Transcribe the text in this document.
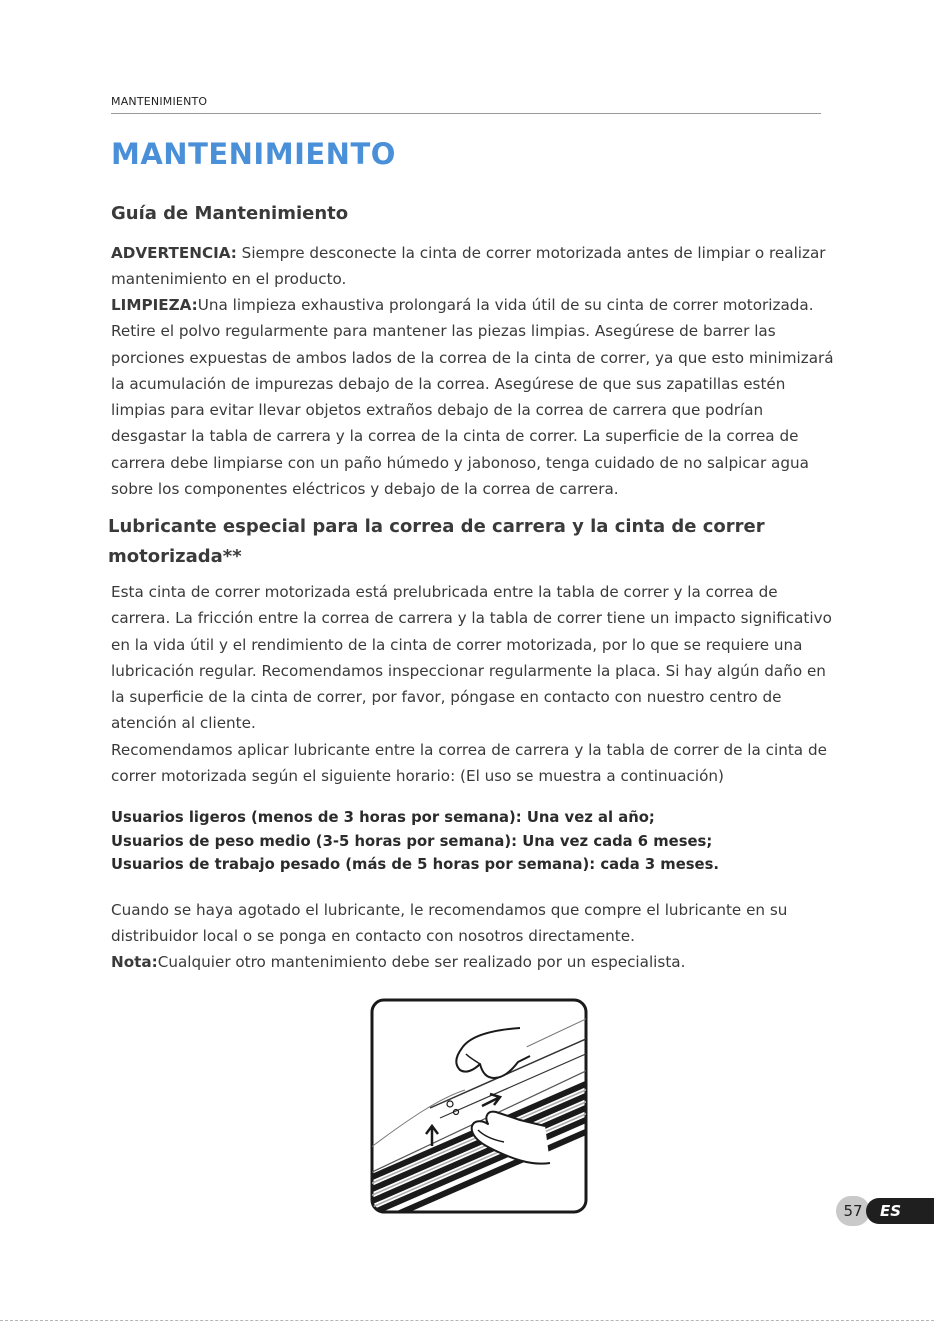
MANTENIMIENTO
MANTENIMIENTO
Guía de Mantenimiento

ADVERTENCIA: Siempre desconecte la cinta de correr motorizada antes de limpiar o realizar mantenimiento en el producto.

LIMPIEZA:Una limpieza exhaustiva prolongará la vida útil de su cinta de correr motorizada. Retire el polvo regularmente para mantener las piezas limpias. Asegúrese de barrer las porciones expuestas de ambos lados de la correa de la cinta de correr, ya que esto minimizará la acumulación de impurezas debajo de la correa. Asegúrese de que sus zapatillas estén limpias para evitar llevar objetos extraños debajo de la correa de carrera que podrían desgastar la tabla de carrera y la correa de la cinta de correr. La superficie de la correa de carrera debe limpiarse con un paño húmedo y jabonoso, tenga cuidado de no salpicar agua sobre los componentes eléctricos y debajo de la correa de carrera.

Lubricante especial para la correa de carrera y la cinta de correr motorizada**

Esta cinta de correr motorizada está prelubricada entre la tabla de correr y la correa de carrera. La fricción entre la correa de carrera y la tabla de correr tiene un impacto significativo en la vida útil y el rendimiento de la cinta de correr motorizada, por lo que se requiere una lubricación regular. Recomendamos inspeccionar regularmente la placa. Si hay algún daño en la superficie de la cinta de correr, por favor, póngase en contacto con nuestro centro de atención al cliente.

Recomendamos aplicar lubricante entre la correa de carrera y la tabla de correr de la cinta de correr motorizada según el siguiente horario: (El uso se muestra a continuación)

Usuarios ligeros (menos de 3 horas por semana): Una vez al año;
Usuarios de peso medio (3-5 horas por semana): Una vez cada 6 meses;
Usuarios de trabajo pesado (más de 5 horas por semana): cada 3 meses.

Cuando se haya agotado el lubricante, le recomendamos que compre el lubricante en su distribuidor local o se ponga en contacto con nosotros directamente.

Nota:Cualquier otro mantenimiento debe ser realizado por un especialista.

57	ES
